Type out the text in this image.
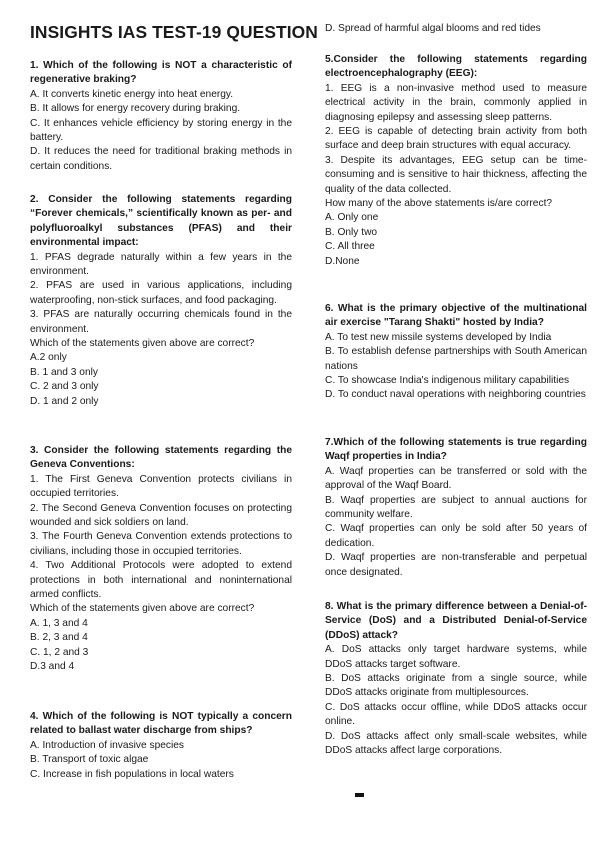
INSIGHTS IAS TEST-19 QUESTION

1. Which of the following is NOT a characteristic of regenerative braking?

A. It converts kinetic energy into heat energy.
B. It allows for energy recovery during braking.
C. It enhances vehicle efficiency by storing energy in the battery.
D. It reduces the need for traditional braking methods in certain conditions.

2. Consider the following statements regarding “Forever chemicals,” scientifically known as per- and polyfluoroalkyl substances (PFAS) and their environmental impact:

1. PFAS degrade naturally within a few years in the environment.
2. PFAS are used in various applications, including waterproofing, non-stick surfaces, and food packaging.
3. PFAS are naturally occurring chemicals found in the environment.
Which of the statements given above are correct?
A.2 only
B. 1 and 3 only
C. 2 and 3 only
D. 1 and 2 only

3. Consider the following statements regarding the Geneva Conventions:

1. The First Geneva Convention protects civilians in occupied territories.
2. The Second Geneva Convention focuses on protecting wounded and sick soldiers on land.
3. The Fourth Geneva Convention extends protections to civilians, including those in occupied territories.
4. Two Additional Protocols were adopted to extend protections in both international and noninternational armed conflicts.
Which of the statements given above are correct?
A. 1, 3 and 4
B. 2, 3 and 4
C. 1, 2 and 3
D.3 and 4

4. Which of the following is NOT typically a concern related to ballast water discharge from ships?

A. Introduction of invasive species
B. Transport of toxic algae
C. Increase in fish populations in local waters
D. Spread of harmful algal blooms and red tides

5.Consider the following statements regarding electroencephalography (EEG):

1. EEG is a non-invasive method used to measure electrical activity in the brain, commonly applied in diagnosing epilepsy and assessing sleep patterns.
2. EEG is capable of detecting brain activity from both surface and deep brain structures with equal accuracy.
3. Despite its advantages, EEG setup can be time-consuming and is sensitive to hair thickness, affecting the quality of the data collected.
How many of the above statements is/are correct?
A. Only one
B. Only two
C. All three
D.None

6. What is the primary objective of the multinational air exercise "Tarang Shakti" hosted by India?

A. To test new missile systems developed by India
B. To establish defense partnerships with South American nations
C. To showcase India's indigenous military capabilities
D. To conduct naval operations with neighboring countries

7.Which of the following statements is true regarding Waqf properties in India?

A. Waqf properties can be transferred or sold with the approval of the Waqf Board.
B. Waqf properties are subject to annual auctions for community welfare.
C. Waqf properties can only be sold after 50 years of dedication.
D. Waqf properties are non-transferable and perpetual once designated.

8. What is the primary difference between a Denial-of-Service (DoS) and a Distributed Denial-of-Service (DDoS) attack?

A. DoS attacks only target hardware systems, while DDoS attacks target software.
B. DoS attacks originate from a single source, while DDoS attacks originate from multiplesources.
C. DoS attacks occur offline, while DDoS attacks occur online.
D. DoS attacks affect only small-scale websites, while DDoS attacks affect large corporations.
